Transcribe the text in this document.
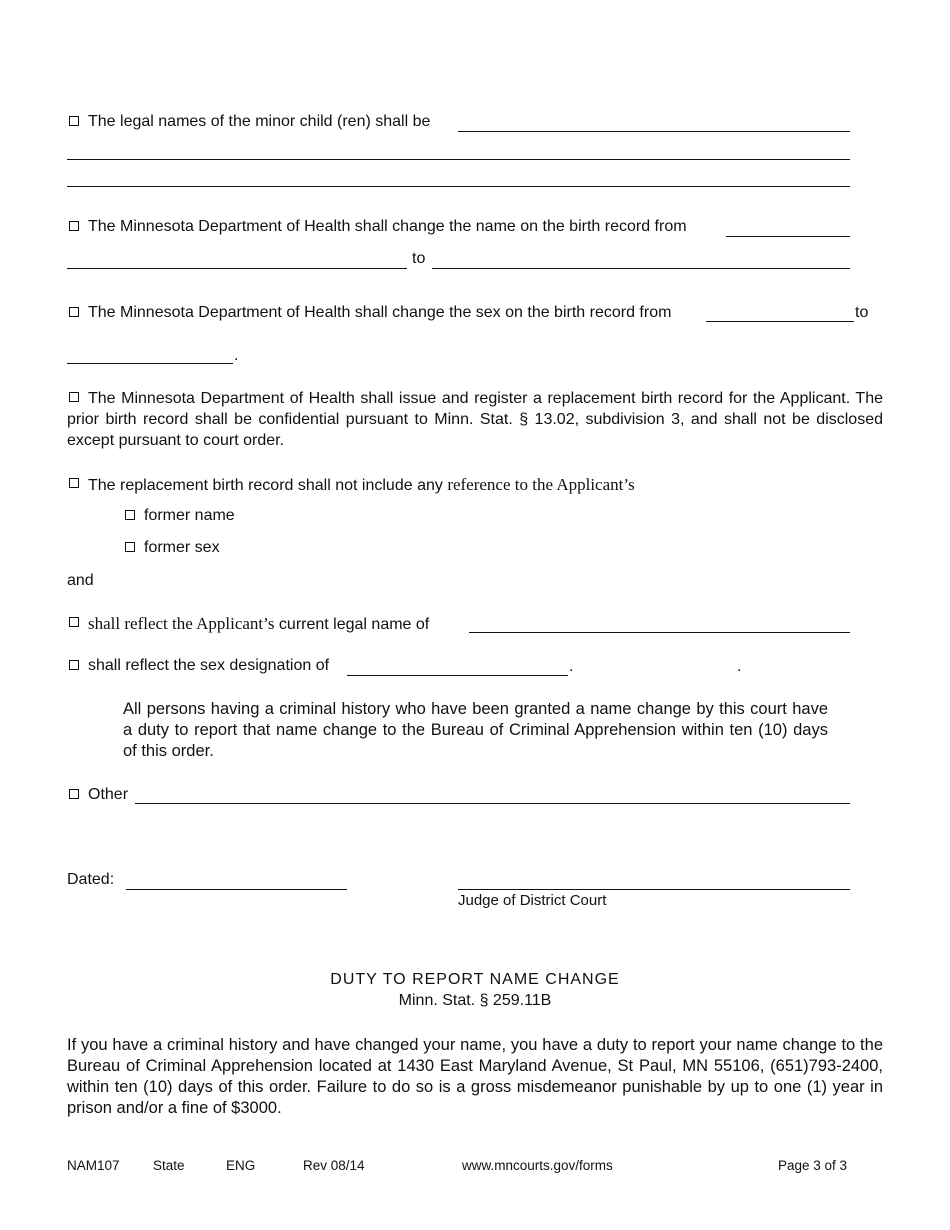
The legal names of the minor child (ren) shall be
The Minnesota Department of Health shall change the name on the birth record from
to
The Minnesota Department of Health shall change the sex on the birth record from	to
.
The Minnesota Department of Health shall issue and register a replacement birth record for the Applicant. The prior birth record shall be confidential pursuant to Minn. Stat. § 13.02, subdivision 3, and shall not be disclosed except pursuant to court order.
The replacement birth record shall not include any reference to the Applicant’s
former name
former sex
and
shall reflect the Applicant’s current legal name of
shall reflect the sex designation of	.	.
All persons having a criminal history who have been granted a name change by this court have a duty to report that name change to the Bureau of Criminal Apprehension within ten (10) days of this order.
Other
Dated:
Judge of District Court
DUTY TO REPORT NAME CHANGE
Minn. Stat. § 259.11B
If you have a criminal history and have changed your name, you have a duty to report your name change to the Bureau of Criminal Apprehension located at 1430 East Maryland Avenue, St Paul, MN 55106, (651)793-2400, within ten (10) days of this order. Failure to do so is a gross misdemeanor punishable by up to one (1) year in prison and/or a fine of $3000.
NAM107 State	ENG	Rev 08/14	www.mncourts.gov/forms	Page 3 of 3
